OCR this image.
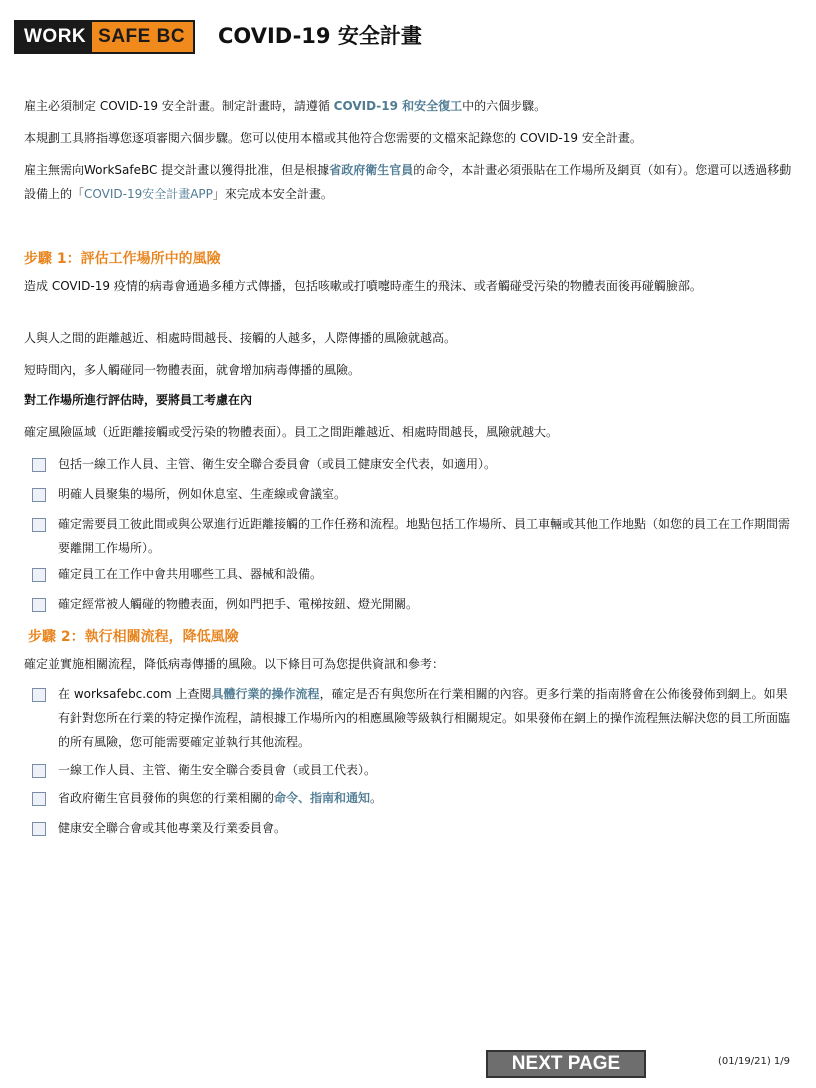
WORK SAFE BC	COVID-19 安全計畫

雇主必須制定 COVID-19 安全計畫。制定計畫時，請遵循 COVID-19 和安全復工中的六個步驟。

本規劃工具將指導您逐項審閱六個步驟。您可以使用本檔或其他符合您需要的文檔來記錄您的 COVID-19 安全計畫。

雇主無需向WorkSafeBC 提交計畫以獲得批准，但是根據省政府衛生官員的命令，本計畫必須張貼在工作場所及網頁（如有）。您還可以透過移動設備上的「COVID-19安全計畫APP」來完成本安全計畫。

步驟 1：評估工作場所中的風險

造成 COVID-19 疫情的病毒會通過多種方式傳播，包括咳嗽或打噴嚏時產生的飛沫、或者觸碰受污染的物體表面後再碰觸臉部。

人與人之間的距離越近、相處時間越長、接觸的人越多，人際傳播的風險就越高。

短時間內，多人觸碰同一物體表面，就會增加病毒傳播的風險。

對工作場所進行評估時，要將員工考慮在內

確定風險區域（近距離接觸或受污染的物體表面）。員工之間距離越近、相處時間越長，風險就越大。

包括一線工作人員、主管、衛生安全聯合委員會（或員工健康安全代表，如適用）。
明確人員聚集的場所，例如休息室、生產線或會議室。
確定需要員工彼此間或與公眾進行近距離接觸的工作任務和流程。地點包括工作場所、員工車輛或其他工作地點（如您的員工在工作期間需要離開工作場所）。
確定員工在工作中會共用哪些工具、器械和設備。
確定經常被人觸碰的物體表面，例如門把手、電梯按鈕、燈光開關。
步驟 2：執行相關流程，降低風險

確定並實施相關流程，降低病毒傳播的風險。以下條目可為您提供資訊和參考：

在 worksafebc.com 上查閱具體行業的操作流程，確定是否有與您所在行業相關的內容。更多行業的指南將會在公佈後發佈到網上。如果有針對您所在行業的特定操作流程，請根據工作場所內的相應風險等級執行相關規定。如果發佈在網上的操作流程無法解決您的員工所面臨的所有風險，您可能需要確定並執行其他流程。
一線工作人員、主管、衛生安全聯合委員會（或員工代表）。
省政府衛生官員發佈的與您的行業相關的命令、指南和通知。
健康安全聯合會或其他專業及行業委員會。
NEXT PAGE	(01/19/21) 1/9
